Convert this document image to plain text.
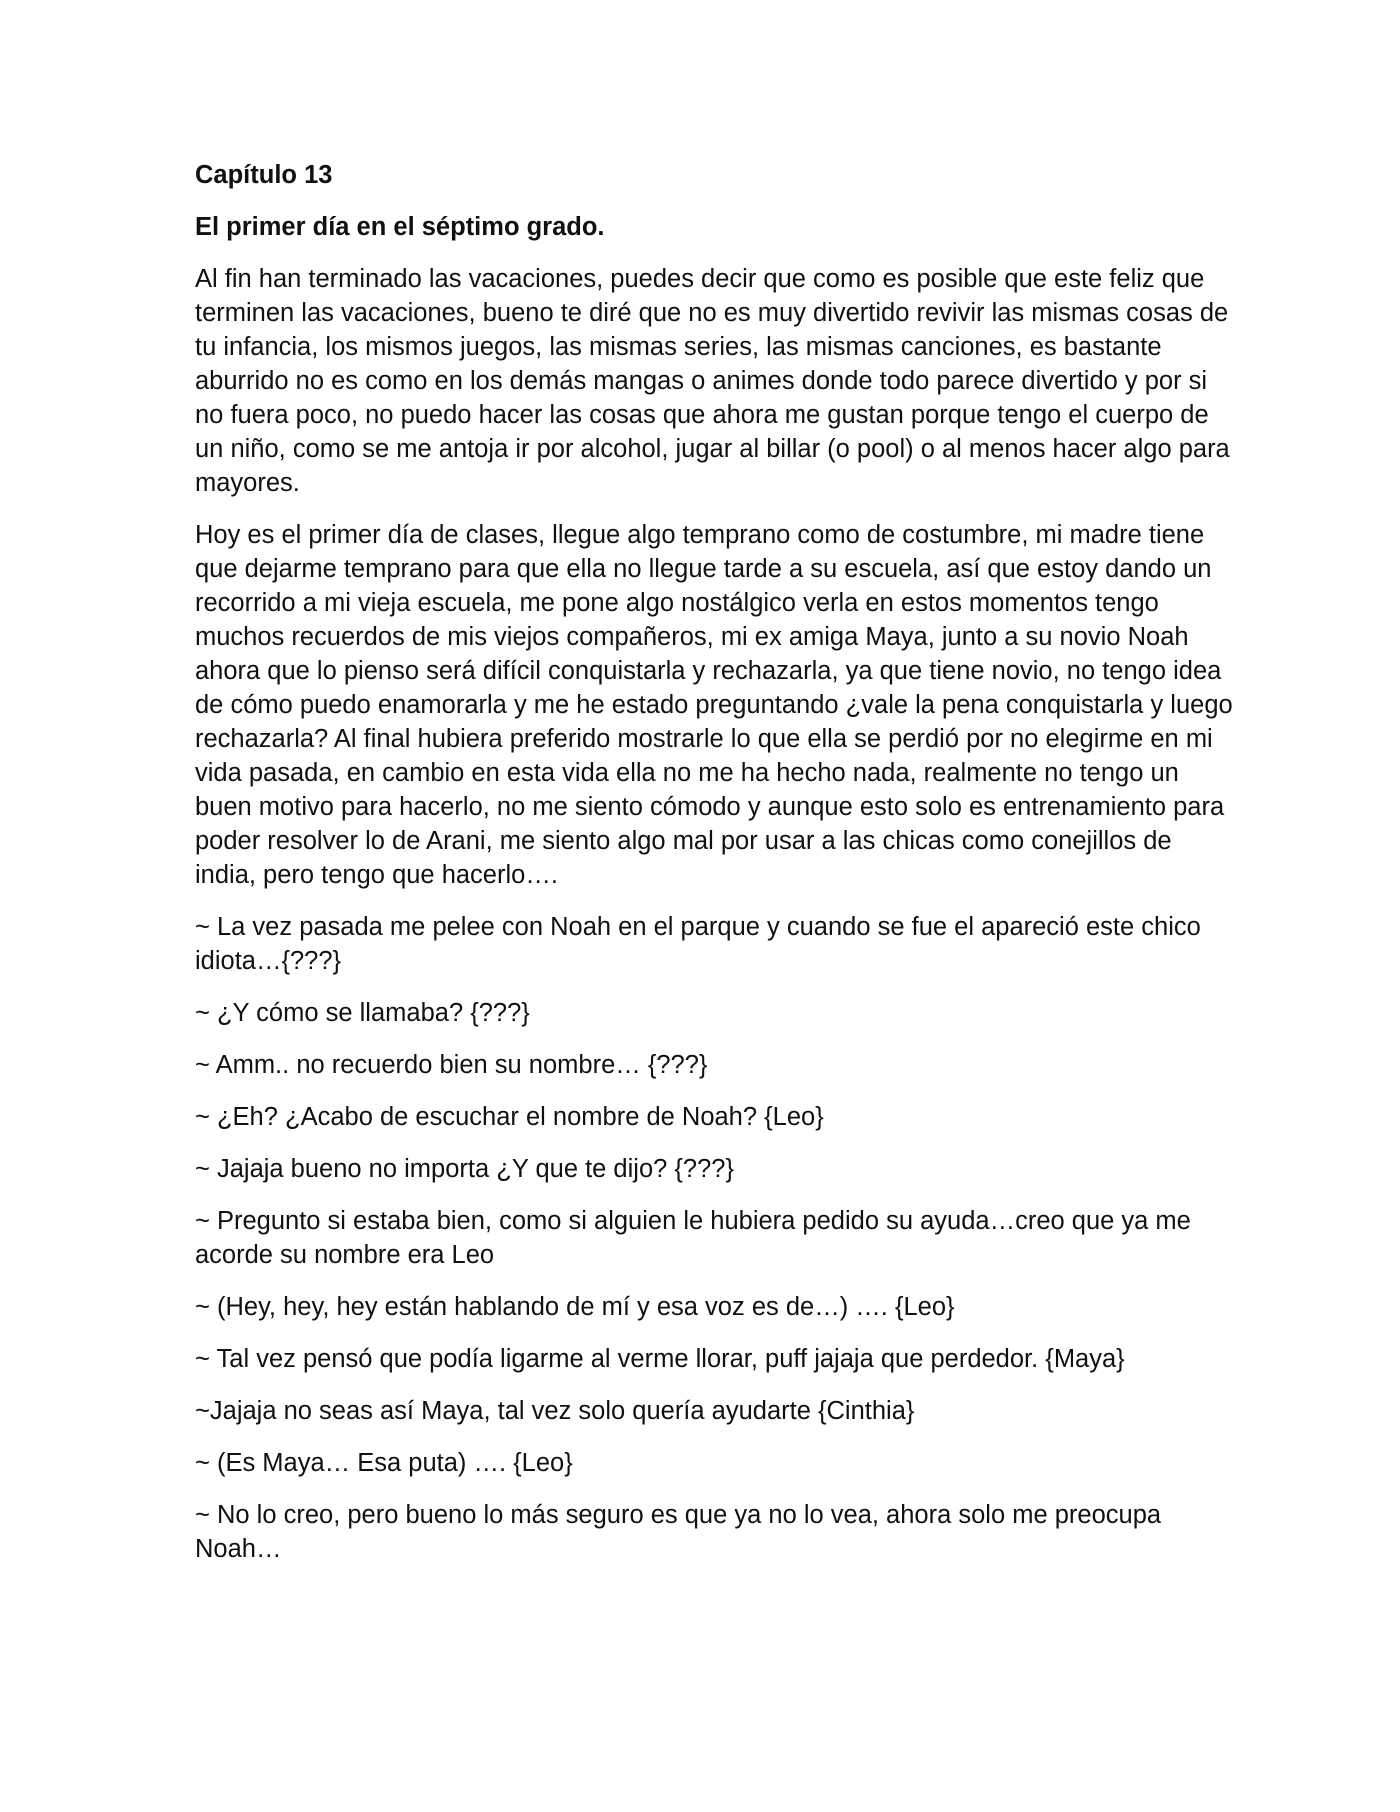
Capítulo 13
El primer día en el séptimo grado.

Al fin han terminado las vacaciones, puedes decir que como es posible que este feliz que terminen las vacaciones, bueno te diré que no es muy divertido revivir las mismas cosas de tu infancia, los mismos juegos, las mismas series, las mismas canciones, es bastante aburrido no es como en los demás mangas o animes donde todo parece divertido y por si no fuera poco, no puedo hacer las cosas que ahora me gustan porque tengo el cuerpo de un niño, como se me antoja ir por alcohol, jugar al billar (o pool) o al menos hacer algo para mayores.

Hoy es el primer día de clases, llegue algo temprano como de costumbre, mi madre tiene que dejarme temprano para que ella no llegue tarde a su escuela, así que estoy dando un recorrido a mi vieja escuela, me pone algo nostálgico verla en estos momentos tengo muchos recuerdos de mis viejos compañeros, mi ex amiga Maya, junto a su novio Noah ahora que lo pienso será difícil conquistarla y rechazarla, ya que tiene novio, no tengo idea de cómo puedo enamorarla y me he estado preguntando ¿vale la pena conquistarla y luego rechazarla? Al final hubiera preferido mostrarle lo que ella se perdió por no elegirme en mi vida pasada, en cambio en esta vida ella no me ha hecho nada, realmente no tengo un buen motivo para hacerlo, no me siento cómodo y aunque esto solo es entrenamiento para poder resolver lo de Arani, me siento algo mal por usar a las chicas como conejillos de india, pero tengo que hacerlo….

~ La vez pasada me pelee con Noah en el parque y cuando se fue el apareció este chico idiota…{???}

~ ¿Y cómo se llamaba? {???}

~ Amm.. no recuerdo bien su nombre… {???}

~ ¿Eh? ¿Acabo de escuchar el nombre de Noah? {Leo}

~ Jajaja bueno no importa ¿Y que te dijo? {???}

~ Pregunto si estaba bien, como si alguien le hubiera pedido su ayuda…creo que ya me acorde su nombre era Leo

~ (Hey, hey, hey están hablando de mí y esa voz es de…) …. {Leo}

~ Tal vez pensó que podía ligarme al verme llorar, puff jajaja que perdedor. {Maya}

~Jajaja no seas así Maya, tal vez solo quería ayudarte {Cinthia}

~ (Es Maya… Esa puta) …. {Leo}

~ No lo creo, pero bueno lo más seguro es que ya no lo vea, ahora solo me preocupa Noah…
